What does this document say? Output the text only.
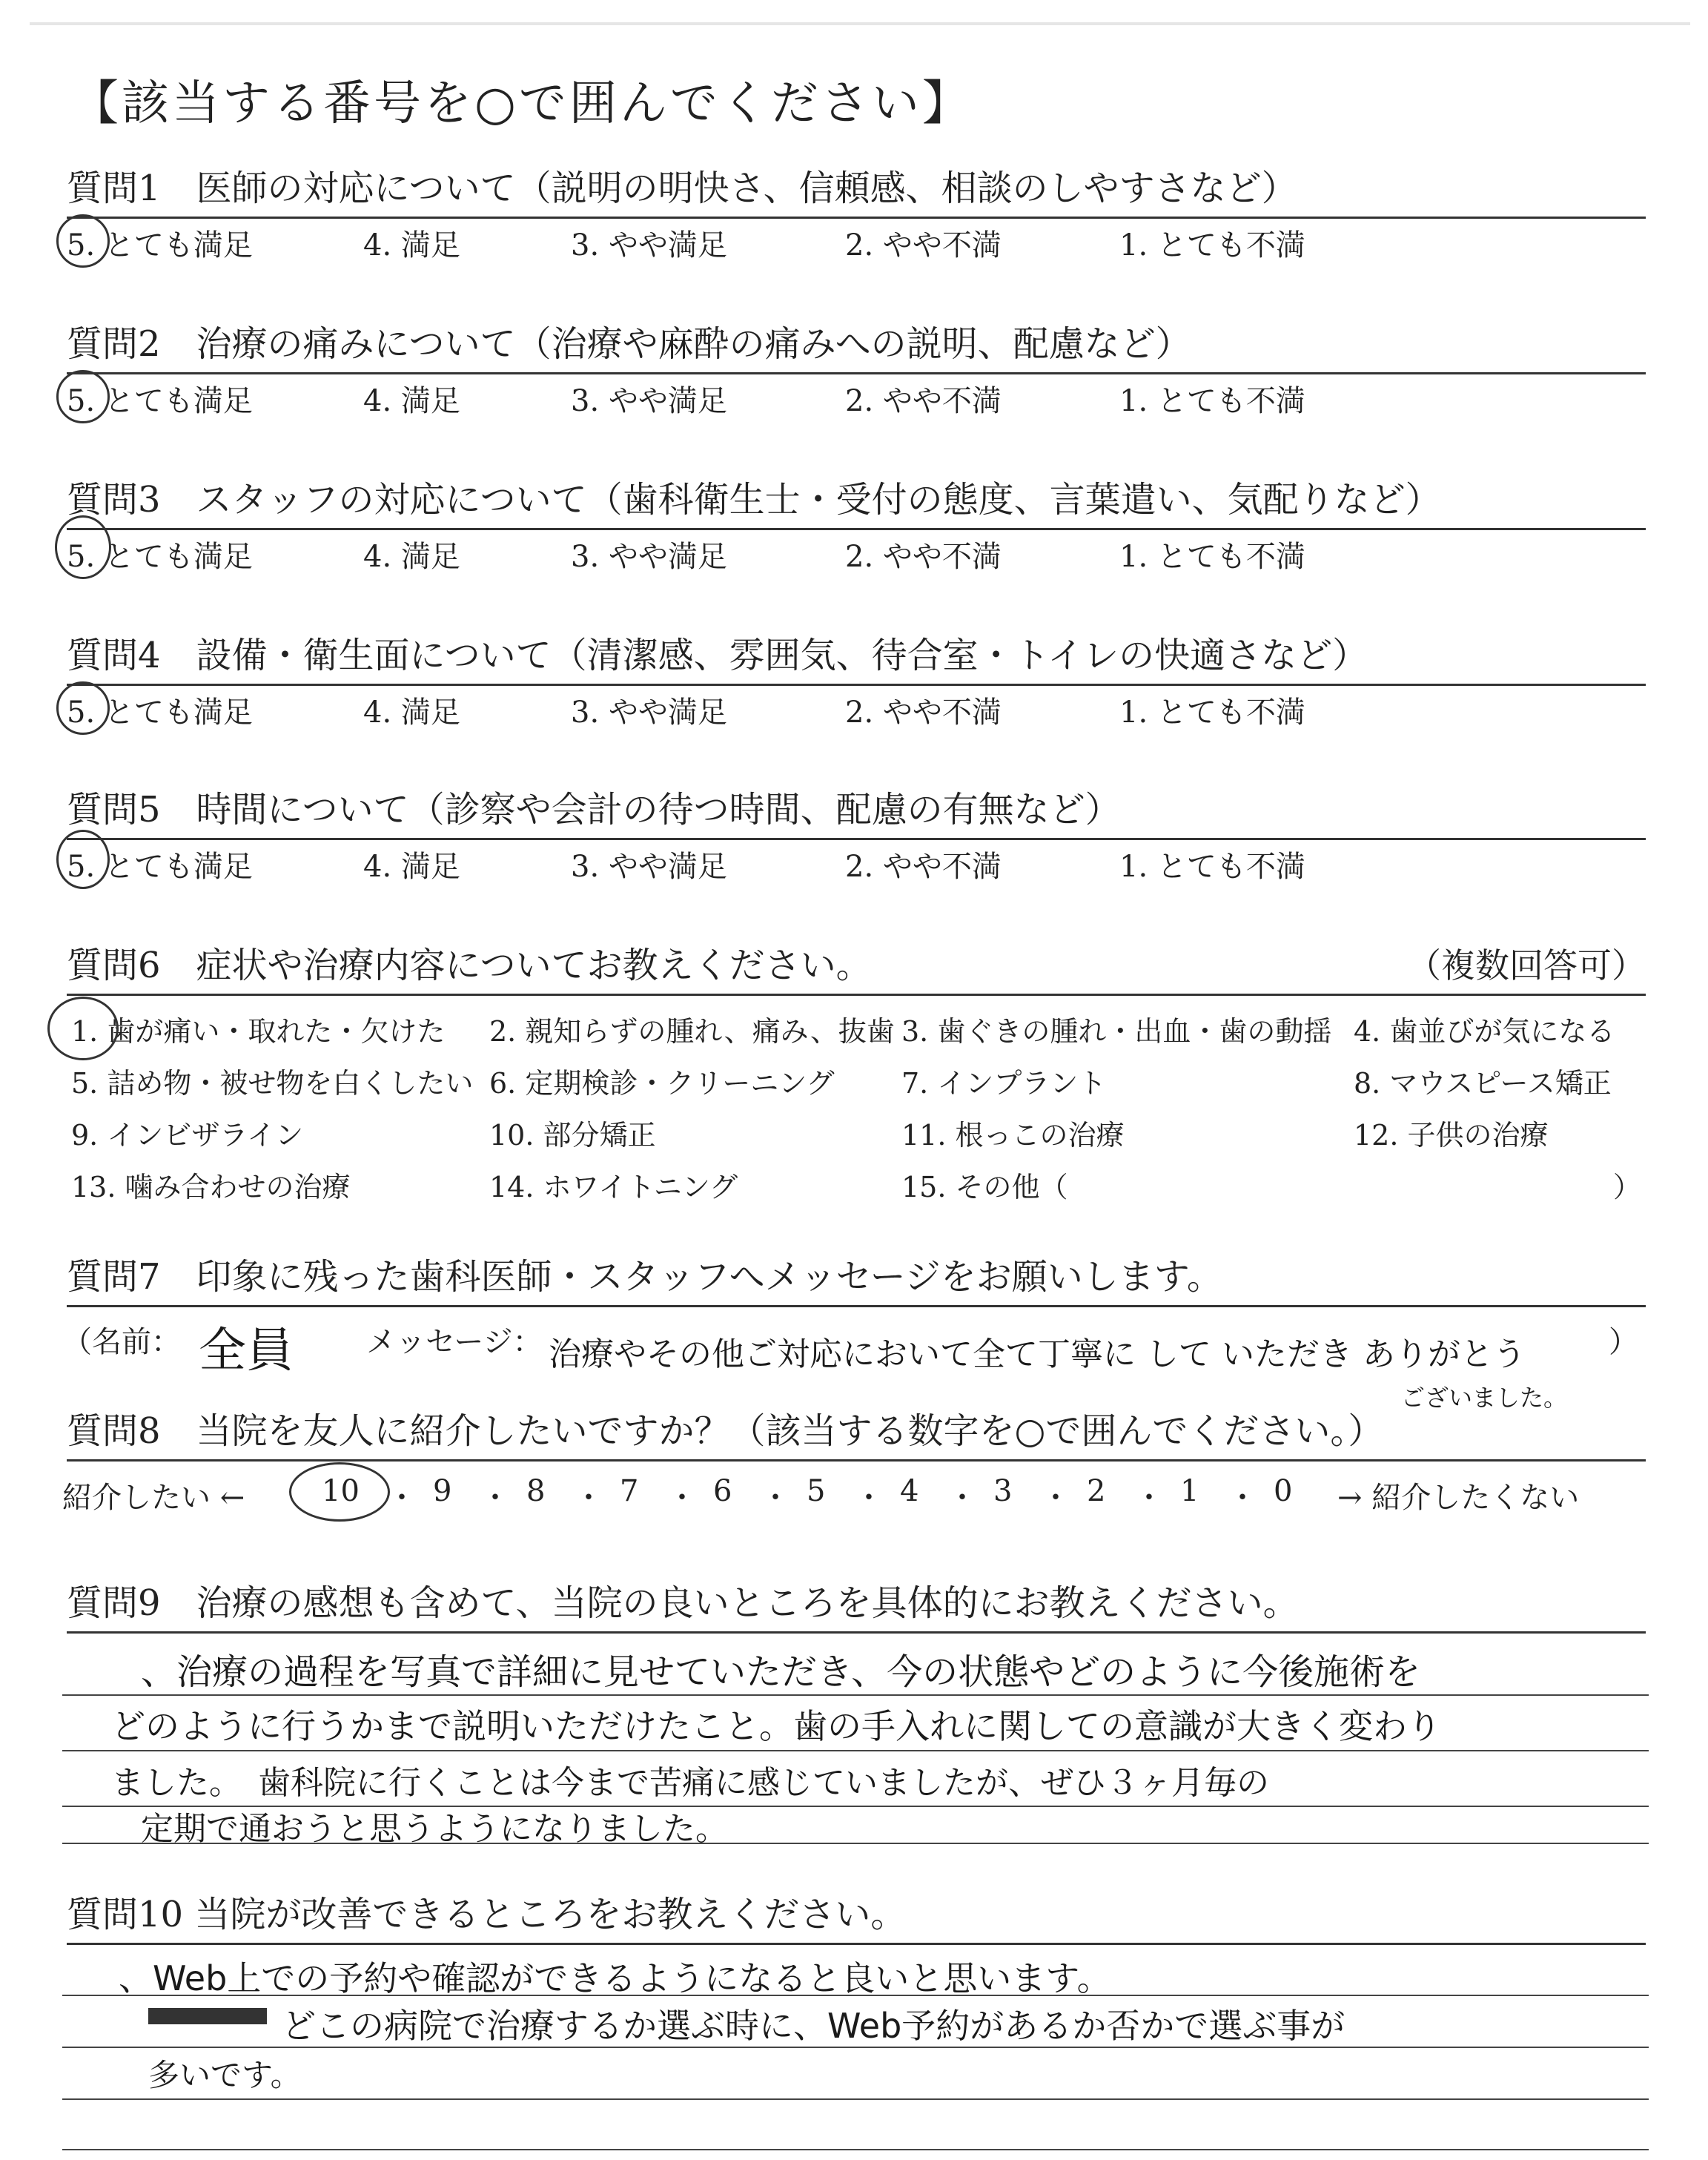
【該当する番号を○で囲んでください】
質問1　医師の対応について（説明の明快さ、信頼感、相談のしやすさなど）
5. とても満足	4. 満足	3. やや満足	2. やや不満	1. とても不満
質問2　治療の痛みについて（治療や麻酔の痛みへの説明、配慮など）
5. とても満足	4. 満足	3. やや満足	2. やや不満	1. とても不満
質問3　スタッフの対応について（歯科衛生士・受付の態度、言葉遣い、気配りなど）
5. とても満足	4. 満足	3. やや満足	2. やや不満	1. とても不満
質問4　設備・衛生面について（清潔感、雰囲気、待合室・トイレの快適さなど）
5. とても満足	4. 満足	3. やや満足	2. やや不満	1. とても不満
質問5　時間について（診察や会計の待つ時間、配慮の有無など）
5. とても満足	4. 満足	3. やや満足	2. やや不満	1. とても不満
質問6　症状や治療内容についてお教えください。	（複数回答可）
1. 歯が痛い・取れた・欠けた 2. 親知らずの腫れ、痛み、抜歯 3. 歯ぐきの腫れ・出血・歯の動揺 4. 歯並びが気になる
5. 詰め物・被せ物を白くしたい 6. 定期検診・クリーニング 7. インプラント	8. マウスピース矯正
9. インビザライン	10. 部分矯正	11. 根っこの治療	12. 子供の治療
13. 噛み合わせの治療	14. ホワイトニング	15. その他（	）
質問7　印象に残った歯科医師・スタッフへメッセージをお願いします。
（名前： 全員 メッセージ： 治療やその他ご対応において全て丁寧に して いただき ありがとう
ございました。
）
質問8　当院を友人に紹介したいですか？（該当する数字を○で囲んでください。）
紹介したい ←	10 ・ 9 ・ 8 ・ 7 ・ 6 ・ 5 ・ 4 ・ 3 ・ 2 ・ 1 ・ 0 → 紹介したくない
質問9　治療の感想も含めて、当院の良いところを具体的にお教えください。
、治療の過程を写真で詳細に見せていただき、今の状態やどのように今後施術を
どのように行うかまで説明いただけたこと。歯の手入れに関しての意識が大きく変わり
ました。　歯科院に行くことは今まで苦痛に感じていましたが、ぜひ３ヶ月毎の
定期で通おうと思うようになりました。
質問10 当院が改善できるところをお教えください。
、Web上での予約や確認ができるようになると良いと思います。
どこの病院で治療するか選ぶ時に、Web予約があるか否かで選ぶ事が
多いです。
